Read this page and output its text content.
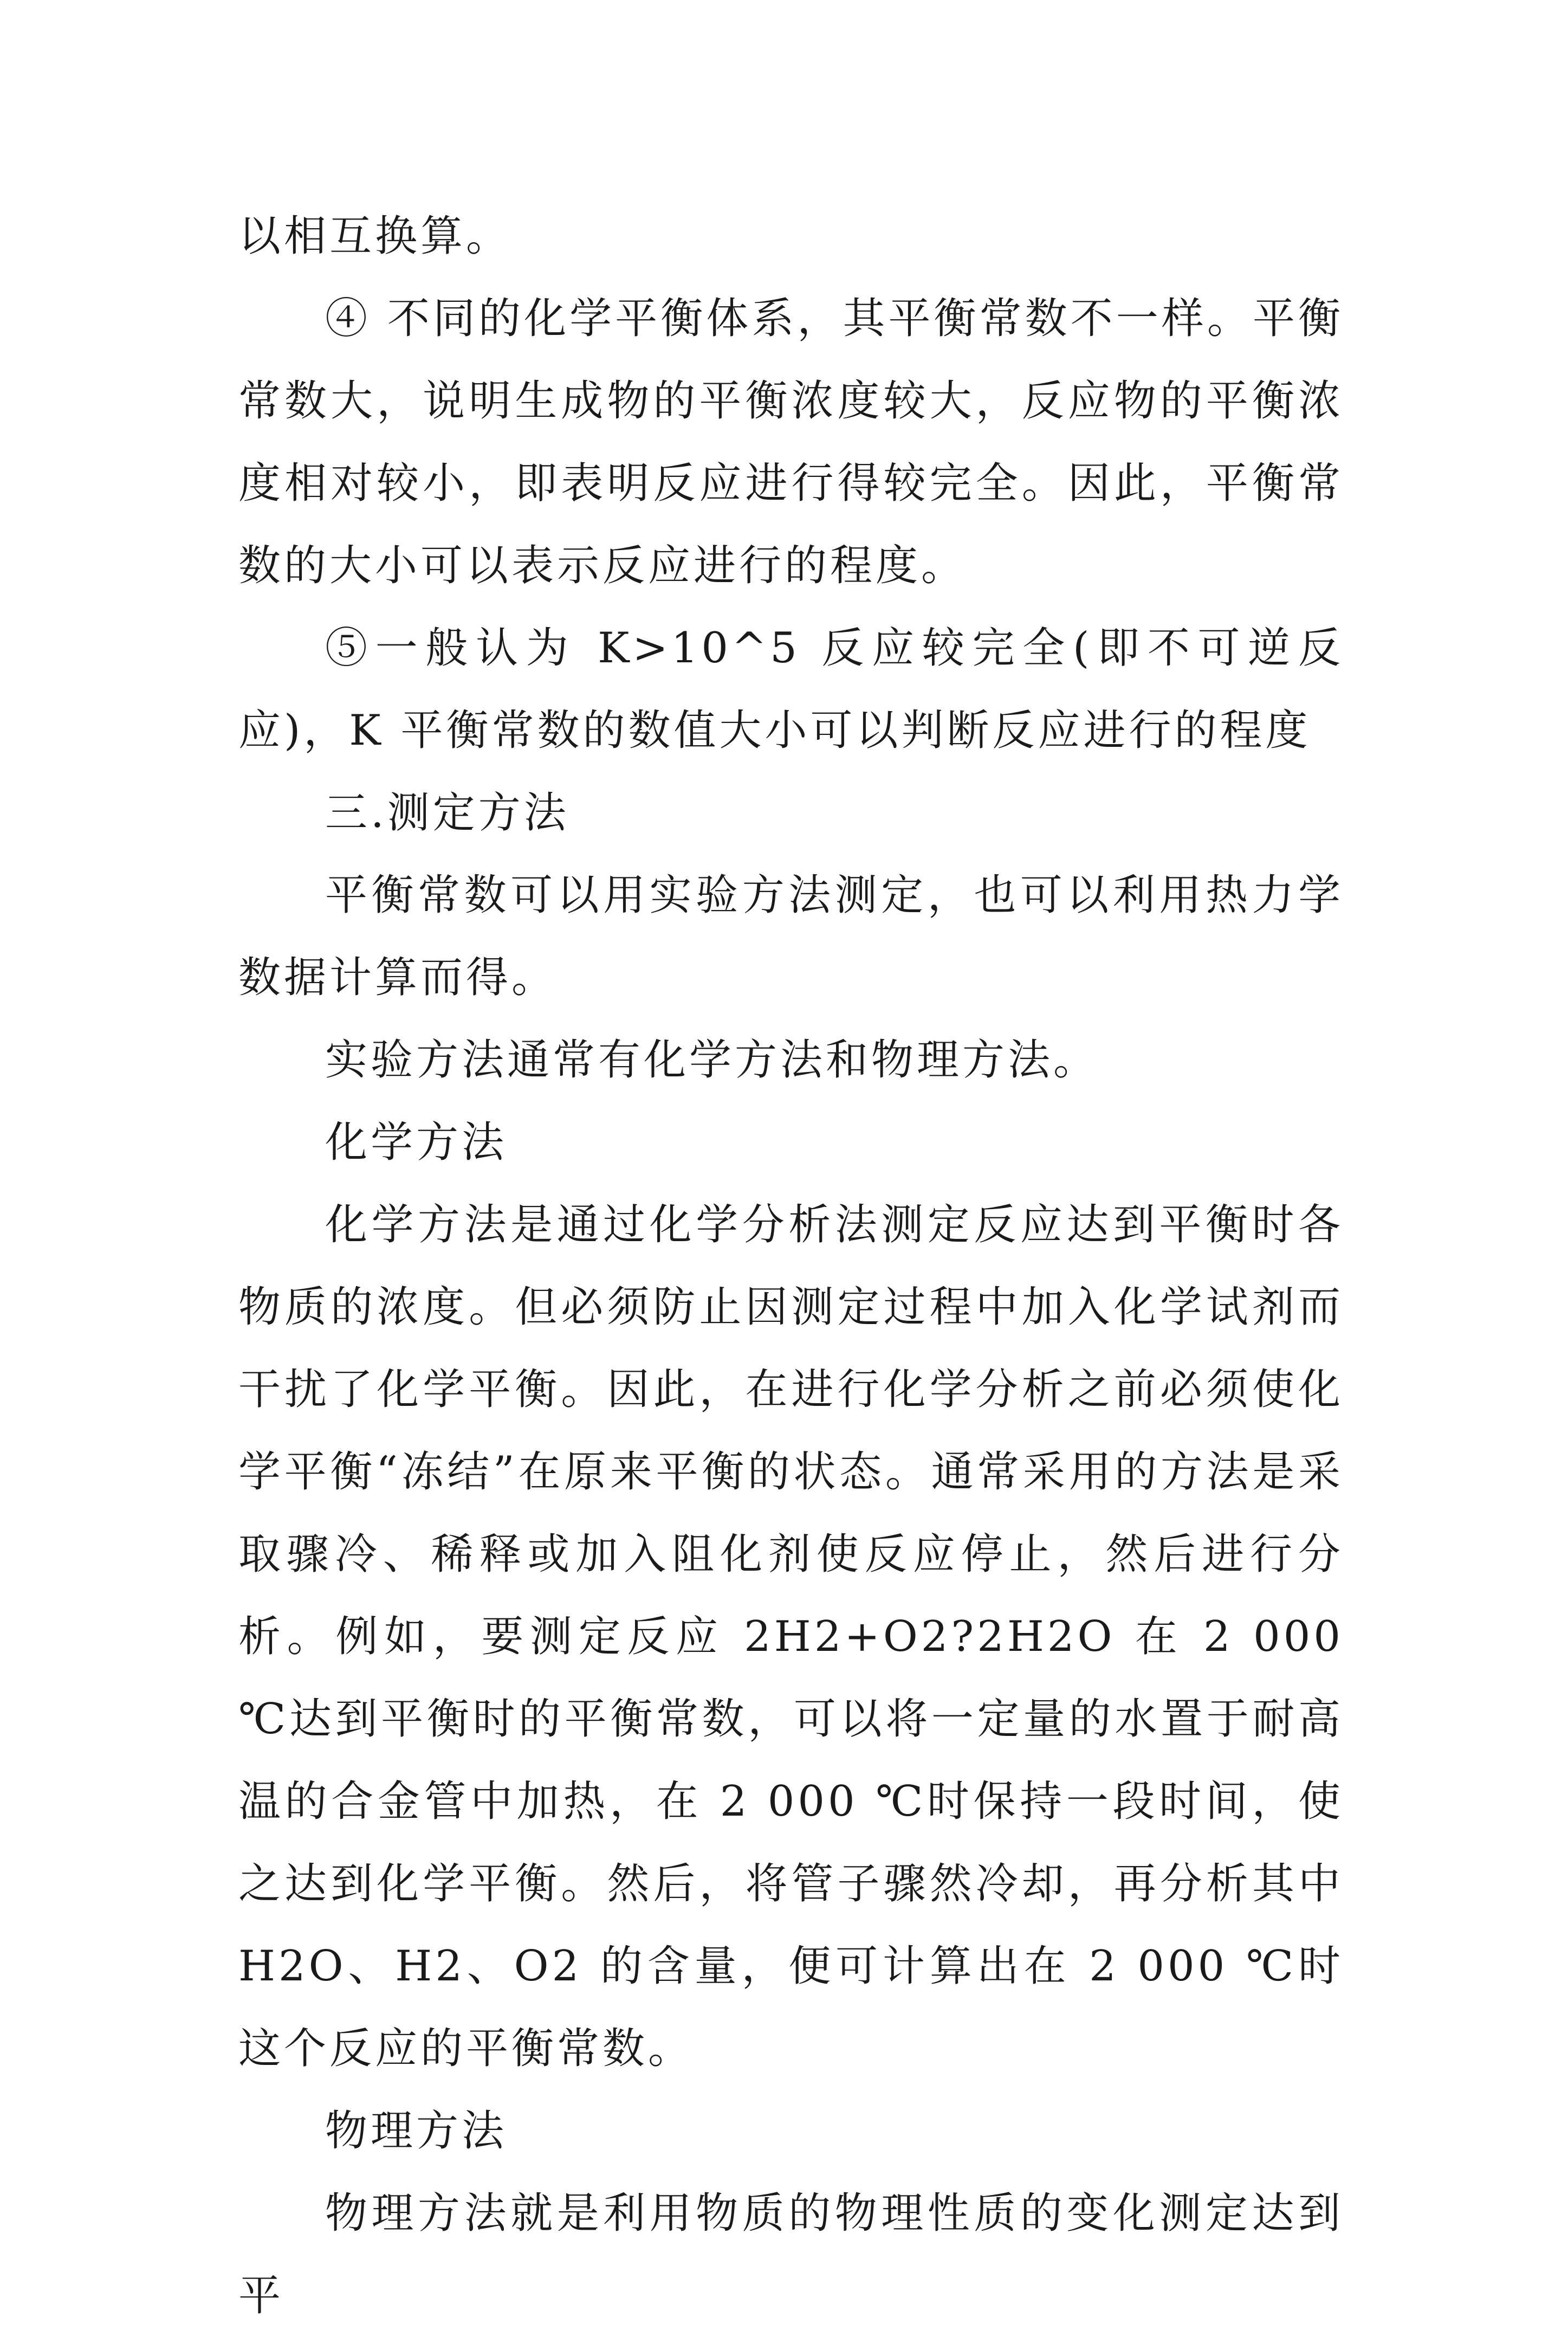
以相互换算。

④ 不同的化学平衡体系，其平衡常数不一样。平衡常数大，说明生成物的平衡浓度较大，反应物的平衡浓度相对较小，即表明反应进行得较完全。因此，平衡常数的大小可以表示反应进行的程度。

⑤一般认为 K>10^5 反应较完全(即不可逆反应)，K 平衡常数的数值大小可以判断反应进行的程度

三.测定方法

平衡常数可以用实验方法测定，也可以利用热力学数据计算而得。

实验方法通常有化学方法和物理方法。

化学方法

化学方法是通过化学分析法测定反应达到平衡时各物质的浓度。但必须防止因测定过程中加入化学试剂而干扰了化学平衡。因此，在进行化学分析之前必须使化学平衡“冻结”在原来平衡的状态。通常采用的方法是采取骤冷、稀释或加入阻化剂使反应停止，然后进行分析。例如，要测定反应 2H2+O2?2H2O 在 2 000 ℃达到平衡时的平衡常数，可以将一定量的水置于耐高温的合金管中加热，在 2 000 ℃时保持一段时间，使之达到化学平衡。然后，将管子骤然冷却，再分析其中 H2O、H2、O2 的含量，便可计算出在 2 000 ℃时这个反应的平衡常数。

物理方法

物理方法就是利用物质的物理性质的变化测定达到平
